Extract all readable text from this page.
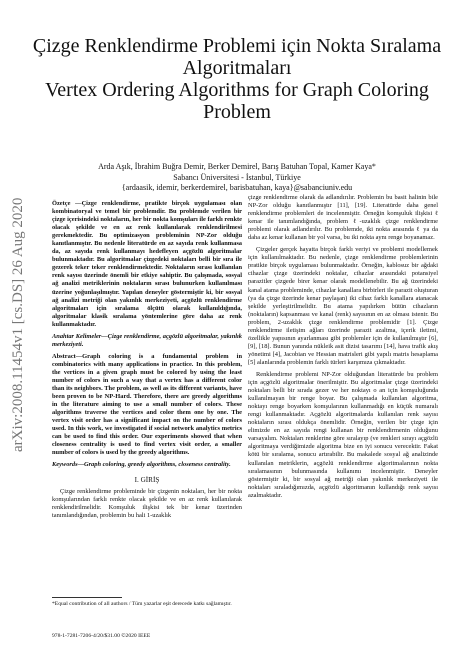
Çizge Renklendirme Problemi için Nokta Sıralama
Algoritmaları
Vertex Ordering Algorithms for Graph Coloring
Problem
Arda Aşık, İbrahim Buğra Demir, Berker Demirel, Barış Batuhan Topal, Kamer Kaya*
Sabancı Üniversitesi - İstanbul, Türkiye
{ardaasik, idemir, berkerdemirel, barisbatuhan, kaya}@sabanciuniv.edu
arXiv:2008.11454v1 [cs.DS] 26 Aug 2020	Özetçe —Çizge renklendirme, pratikte birçok uygulaması olan kombinatoryal ve temel bir problemdir. Bu problemde verilen bir çizge içerisindeki noktaların, her bir nokta komşuları ile farklı renkte olacak şekilde ve en az renk kullanılarak renklendirilmesi gerekmektedir. Bu optimizasyon probleminin NP-Zor olduğu kanıtlanmıştır. Bu nedenle literatürde en az sayıda renk kullanmasa da, az sayıda renk kullanmayı hedefleyen açgözlü algoritmalar bulunmaktadır. Bu algoritmalar çizgedeki noktaları belli bir sıra ile gezerek teker teker renklendirmektedir. Noktaların sırası kullanılan renk sayısı üzerinde önemli bir etkiye sahiptir. Bu çalışmada, sosyal ağ analizi metriklerinin noktaların sırası bulunurken kullanılması üzerine yoğunlaşılmıştır. Yapılan deneyler göstermiştir ki, bir sosyal ağ analizi metriği olan yakınlık merkeziyeti, açgözlü renklendirme algoritmaları için sıralama ölçütü olarak kullanıldığında, algoritmalar klasik sıralama yöntemlerine göre daha az renk kullanmaktadır.

Anahtar Kelimeler—Çizge renklendirme, açgözlü algoritmalar, yakınlık merkeziyeti.

Abstract—Graph coloring is a fundamental problem in combinatorics with many applications in practice. In this problem, the vertices in a given graph must be colored by using the least number of colors in such a way that a vertex has a different color than its neighbors. The problem, as well as its different variants, have been proven to be NP-Hard. Therefore, there are greedy algorithms in the literature aiming to use a small number of colors. These algorithms traverse the vertices and color them one by one. The vertex visit order has a significant impact on the number of colors used. In this work, we investigated if social network analytics metrics can be used to find this order. Our experiments showed that when closeness centrality is used to find vertex visit order, a smaller number of colors is used by the greedy algorithms.

Keywords—Graph coloring, greedy algorithms, closeness centrality.

I. GİRİŞ

Çizge renklendirme probleminde bir çizgenin noktaları, her bir nokta komşularından farklı renkte olacak şekilde ve en az renk kullanılarak renklendirilmelidir. Komşuluk ilişkisi tek bir kenar üzerinden tanımlandığından, problemin bu hali 1-uzaklık

*Equal contribution of all authors / Tüm yazarlar eşit derecede katkı sağlamıştır.
978-1-7281-7206-4/20/$31.00 ©2020 IEEE

çizge renklendirme olarak da adlandırılır. Problemin bu basit halinin bile NP-Zor olduğu kanıtlanmıştır [11], [19]. Literatürde daha genel renklendirme problemleri de incelenmiştir. Örneğin komşuluk ilişkisi ℓ kenar ile tanımlandığında, problem ℓ-uzaklık çizge renklendirme problemi olarak adlandırılır. Bu problemde, iki nokta arasında ℓ ya da daha az kenar kullanan bir yol varsa, bu iki nokta aynı renge boyanamaz.

Çizgeler gerçek hayatta birçok farklı veriyi ve problemi modellemek için kullanılmaktadır. Bu nedenle, çizge renklendirme problemlerinin pratikte birçok uygulaması bulunmaktadır. Örneğin, kablosuz bir ağdaki cihazlar çizge üzerindeki noktalar, cihazlar arasındaki potansiyel parazitler çizgede birer kenar olarak modellenebilir. Bu ağ üzerindeki kanal atama probleminde, cihazlar kanallara birbirleri ile parazit oluşturan (ya da çizge üzerinde kenar paylaşan) iki cihaz farklı kanallara atanacak şekilde yerleştirilmelidir. Bu atama yapılırken bütün cihazların (noktaların) kapsanması ve kanal (renk) sayısının en az olması istenir. Bu problem, 2-uzaklık çizge renklendirme problemidir [1]. Çizge renklendirme iletişim ağları üzerinde parazit azaltma, içerik iletimi, özellikle yapısının ayarlanması gibi problemler için de kullanılmıştır [6], [9], [18]. Bunun yanında nükleik asit dizisi tasarımı [14], hava trafik akış yönetimi [4], Jacobian ve Hessian matrisleri gibi yapılı matris hesaplama [5] alanlarında problemin farklı türleri karşımıza çıkmaktadır.

Renklendirme problemi NP-Zor olduğundan literatürde bu problem için açgözlü algoritmalar önerilmiştir. Bu algoritmalar çizge üzerindeki noktaları belli bir sırada gezer ve her noktayı o an için komşuluğunda kullanılmayan bir renge boyar. Bu çalışmada kullanılan algoritma, noktayı renge boyarken komşularının kullanmadığı en küçük numaralı rengi kullanmaktadır. Açgözlü algoritmalarda kullanılan renk sayısı noktaların sırası oldukça önemlidir. Örneğin, verilen bir çizge için elimizde en az sayıda rengi kullanan bir renklendirmenin olduğunu varsayalım. Noktaları renklerine göre sıralayıp (ve renkleri sırayı açgözlü algoritmaya verdiğimizde algoritma bize en iyi sonucu verecektir. Fakat kötü bir sıralama, sonucu artırabilir. Bu makalede sosyal ağ analizinde kullanılan metriklerin, açgözlü renklendirme algoritmalarının nokta sıralamasının bulunmasında kullanımı incelenmiştir. Deneyler göstermiştir ki, bir sosyal ağ metriği olan yakınlık merkeziyeti ile noktaları sıraladığımızda, açgözlü algoritmanın kullandığı renk sayısı azalmaktadır.
